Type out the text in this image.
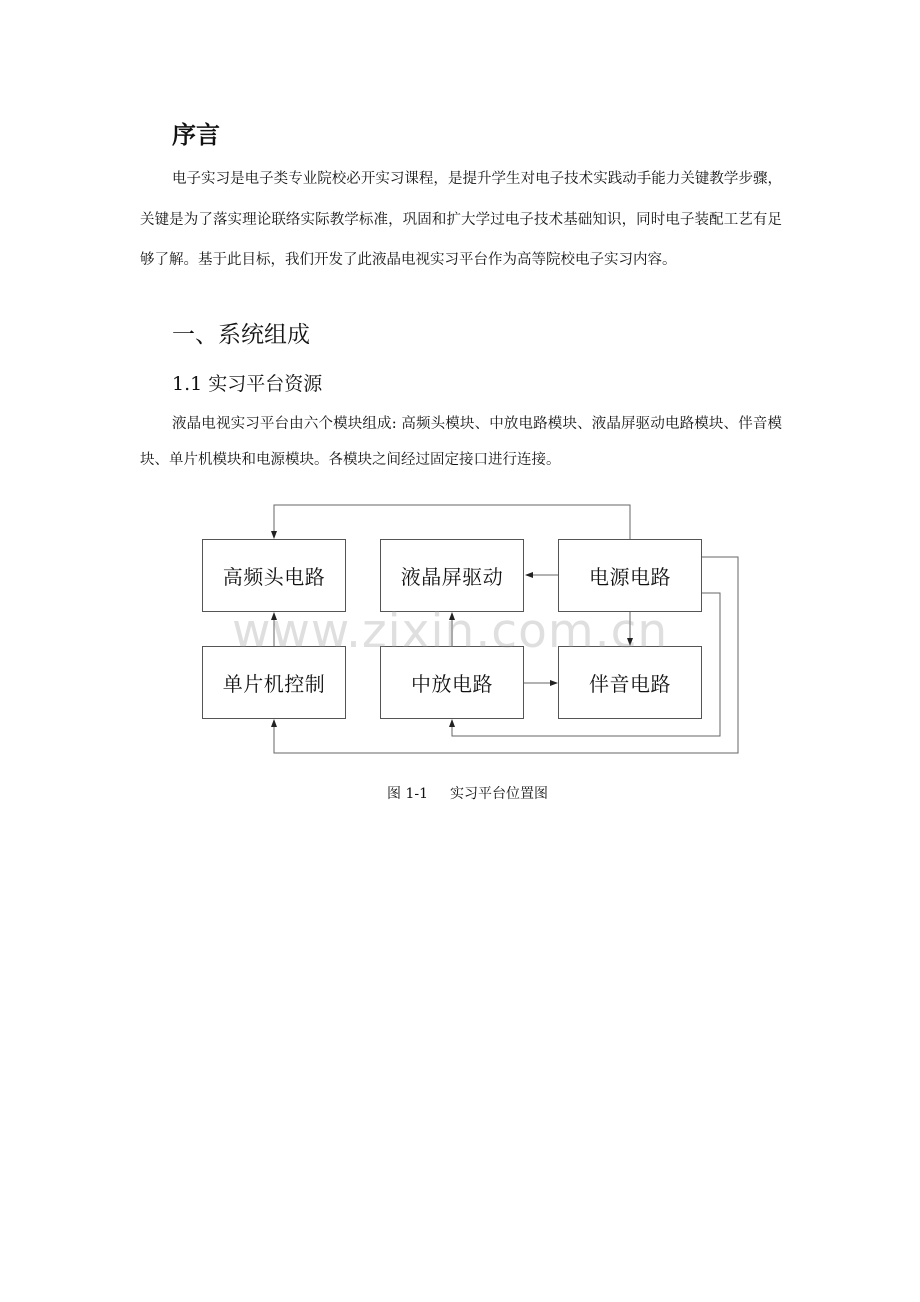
序言

电子实习是电子类专业院校必开实习课程，是提升学生对电子技术实践动手能力关键教学步骤，关键是为了落实理论联络实际教学标准，巩固和扩大学过电子技术基础知识，同时电子装配工艺有足够了解。基于此目标，我们开发了此液晶电视实习平台作为高等院校电子实习内容。

一、系统组成
1.1 实习平台资源

液晶电视实习平台由六个模块组成: 高频头模块、中放电路模块、液晶屏驱动电路模块、伴音模块、单片机模块和电源模块。各模块之间经过固定接口进行连接。

高频头电路	液晶屏驱动	电源电路
单片机控制	中放电路	伴音电路
www.zixin.com.cn
图 1-1 实习平台位置图
